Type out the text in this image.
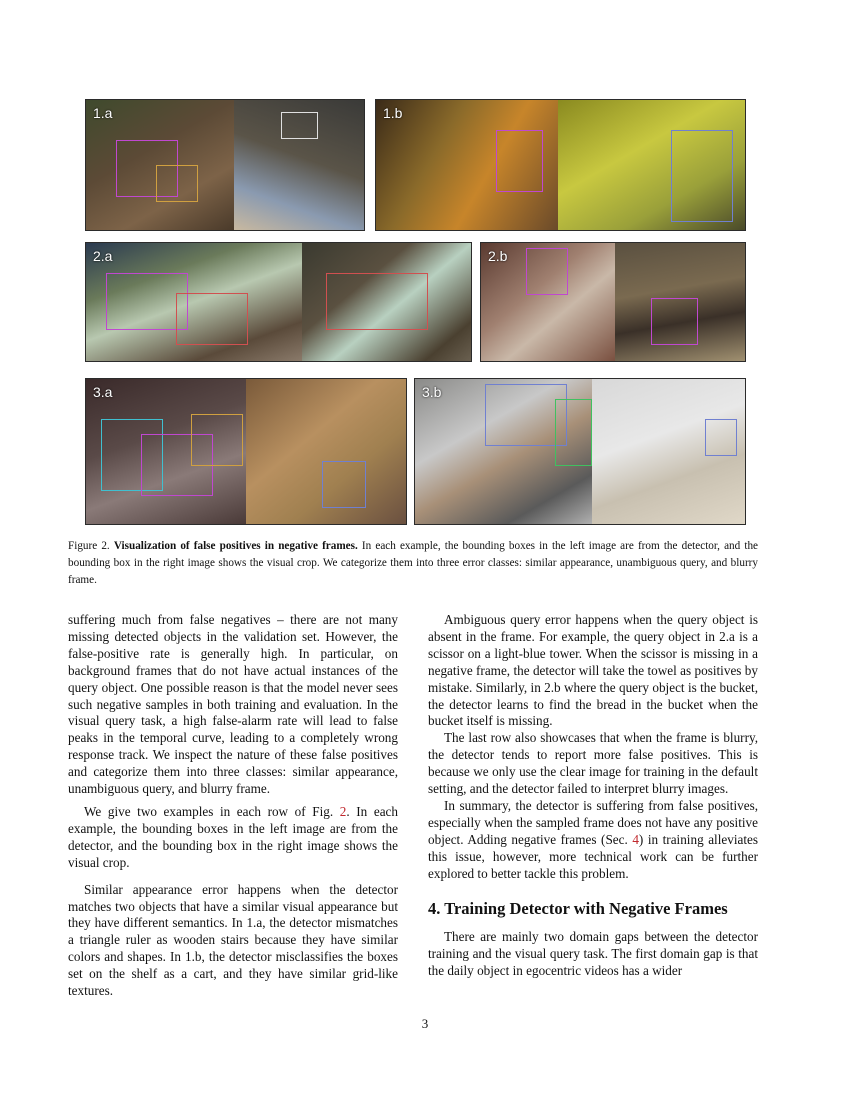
1.a	1.b
2.a	2.b
3.a	3.b
Figure 2. Visualization of false positives in negative frames. In each example, the bounding boxes in the left image are from the detector, and the bounding box in the right image shows the visual crop. We categorize them into three error classes: similar appearance, unambiguous query, and blurry frame.

suffering much from false negatives – there are not many missing detected objects in the validation set. However, the false-positive rate is generally high. In particular, on background frames that do not have actual instances of the query object. One possible reason is that the model never sees such negative samples in both training and evaluation. In the visual query task, a high false-alarm rate will lead to false peaks in the temporal curve, leading to a completely wrong response track. We inspect the nature of these false positives and categorize them into three classes: similar appearance, unambiguous query, and blurry frame.

We give two examples in each row of Fig. 2. In each example, the bounding boxes in the left image are from the detector, and the bounding box in the right image shows the visual crop.

Similar appearance error happens when the detector matches two objects that have a similar visual appearance but they have different semantics. In 1.a, the detector mismatches a triangle ruler as wooden stairs because they have similar colors and shapes. In 1.b, the detector misclassifies the boxes set on the shelf as a cart, and they have similar grid-like textures.

Ambiguous query error happens when the query object is absent in the frame. For example, the query object in 2.a is a scissor on a light-blue tower. When the scissor is missing in a negative frame, the detector will take the towel as positives by mistake. Similarly, in 2.b where the query object is the bucket, the detector learns to find the bread in the bucket when the bucket itself is missing.

The last row also showcases that when the frame is blurry, the detector tends to report more false positives. This is because we only use the clear image for training in the default setting, and the detector failed to interpret blurry images.

In summary, the detector is suffering from false positives, especially when the sampled frame does not have any positive object. Adding negative frames (Sec. 4) in training alleviates this issue, however, more technical work can be further explored to better tackle this problem.

4. Training Detector with Negative Frames

There are mainly two domain gaps between the detector training and the visual query task. The first domain gap is that the daily object in egocentric videos has a wider

3
